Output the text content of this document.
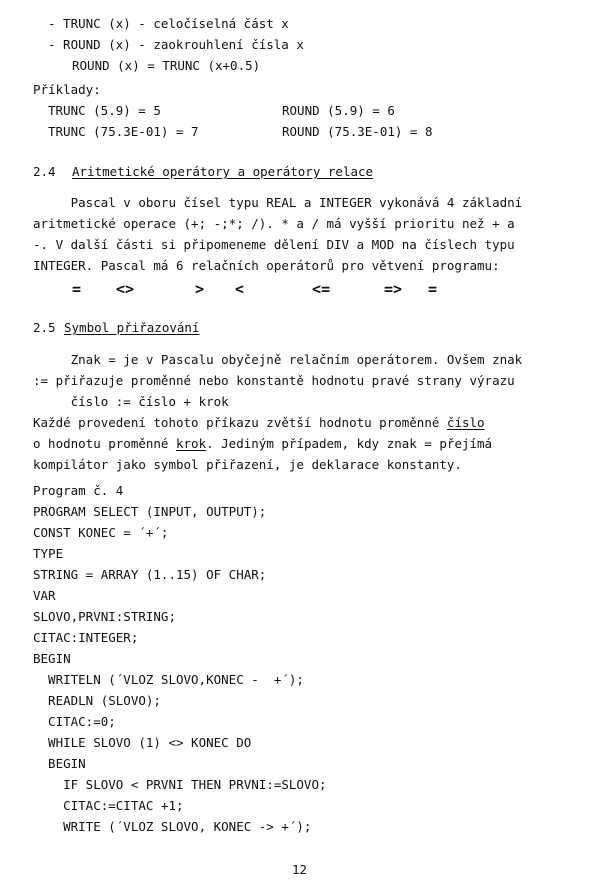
- TRUNC (x) - celočíselná část x
- ROUND (x) - zaokrouhlení čísla x
ROUND (x) = TRUNC (x+0.5)
Příklady:
TRUNC (5.9) = 5	ROUND (5.9) = 6
TRUNC (75.3E-01) = 7	ROUND (75.3E-01) = 8
2.4 Aritmetické operátory a operátory relace
Pascal v oboru čísel typu REAL a INTEGER vykonává 4 základní
aritmetické operace (+; -;*; /). * a / má vyšší prioritu než + a
-. V další části si připomeneme dělení DIV a MOD na číslech typu
INTEGER. Pascal má 6 relačních operátorů pro větvení programu:
= <>	> <	<=	=> =
2.5 Symbol přiřazování
Znak = je v Pascalu obyčejně relačním operátorem. Ovšem znak
:= přiřazuje proměnné nebo konstantě hodnotu pravé strany výrazu
číslo := číslo + krok
Každé provedení tohoto příkazu zvětší hodnotu proměnné číslo
o hodnotu proměnné krok. Jediným případem, kdy znak = přejímá
kompilátor jako symbol přiřazení, je deklarace konstanty.
Program č. 4
PROGRAM SELECT (INPUT, OUTPUT);
CONST KONEC = ´+´;
TYPE
STRING = ARRAY (1..15) OF CHAR;
VAR
SLOVO,PRVNI:STRING;
CITAC:INTEGER;
BEGIN
WRITELN (´VLOZ SLOVO,KONEC -  +´);
READLN (SLOVO);
CITAC:=0;
WHILE SLOVO (1) <> KONEC DO
BEGIN
IF SLOVO < PRVNI THEN PRVNI:=SLOVO;
CITAC:=CITAC +1;
WRITE (´VLOZ SLOVO, KONEC -> +´);
12
